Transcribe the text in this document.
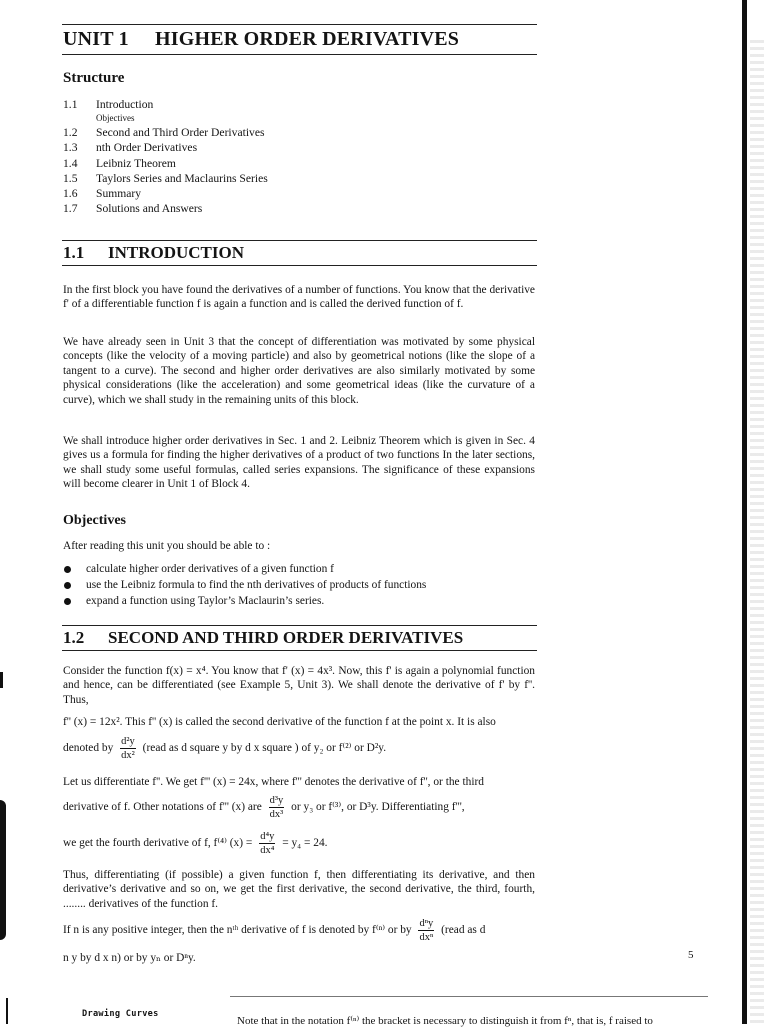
UNIT 1 HIGHER ORDER DERIVATIVES
Structure
1.1	Introduction
Objectives
1.2	Second and Third Order Derivatives
1.3	nth Order Derivatives
1.4	Leibniz Theorem
1.5	Taylors Series and Maclaurins Series
1.6	Summary
1.7	Solutions and Answers
1.1 INTRODUCTION
In the first block you have found the derivatives of a number of functions. You know that the derivative f' of a differentiable function f is again a function and is called the derived function of f.
We have already seen in Unit 3 that the concept of differentiation was motivated by some physical concepts (like the velocity of a moving particle) and also by geometrical notions (like the slope of a tangent to a curve). The second and higher order derivatives are also similarly motivated by some physical considerations (like the acceleration) and some geometrical ideas (like the curvature of a curve), which we shall study in the remaining units of this block.
We shall introduce higher order derivatives in Sec. 1 and 2. Leibniz Theorem which is given in Sec. 4 gives us a formula for finding the higher derivatives of a product of two functions In the later sections, we shall study some useful formulas, called series expansions. The significance of these expansions will become clearer in Unit 1 of Block 4.
Objectives
After reading this unit you should be able to :
calculate higher order derivatives of a given function f
use the Leibniz formula to find the nth derivatives of products of functions
expand a function using Taylor’s Maclaurin’s series.
1.2 SECOND AND THIRD ORDER DERIVATIVES
Consider the function f(x) = x⁴. You know that f' (x) = 4x³. Now, this f' is again a polynomial function and hence, can be differentiated (see Example 5, Unit 3). We shall denote the derivative of f' by f''. Thus,
f'' (x) = 12x². This f'' (x) is called the second derivative of the function f at the point x. It is also
denoted by $\frac{\text{d²y}}{\text{dx²}}$ (read as d square y by d x square ) of y₂ or f⁽²⁾ or D²y.
Let us differentiate f''. We get f''' (x) = 24x, where f''' denotes the derivative of f'', or the third
derivative of f. Other notations of f''' (x) are $\frac{\text{d³y}}{\text{dx³}}$ or y₃ or f⁽³⁾, or D³y. Differentiating f''',
we get the fourth derivative of f, f⁽⁴⁾ $(x) = \frac{\text{d⁴y}}{\text{dx⁴}} = y_4 = 24$.
Thus, differentiating (if possible) a given function f, then differentiating its derivative, and then derivative’s derivative and so on, we get the first derivative, the second derivative, the third, fourth, ........ derivatives of the function f.
If n is any positive integer, then the nᵗʰ derivative of f is denoted by f⁽ⁿ⁾ or by $\frac{\text{dⁿy}}{\text{dxⁿ}}$ (read as d
n y by d x n) or by yₙ or Dⁿy.	5
Drawing Curves
Note that in the notation f⁽ⁿ⁾ the bracket is necessary to distinguish it from fⁿ, that is, f raised to
